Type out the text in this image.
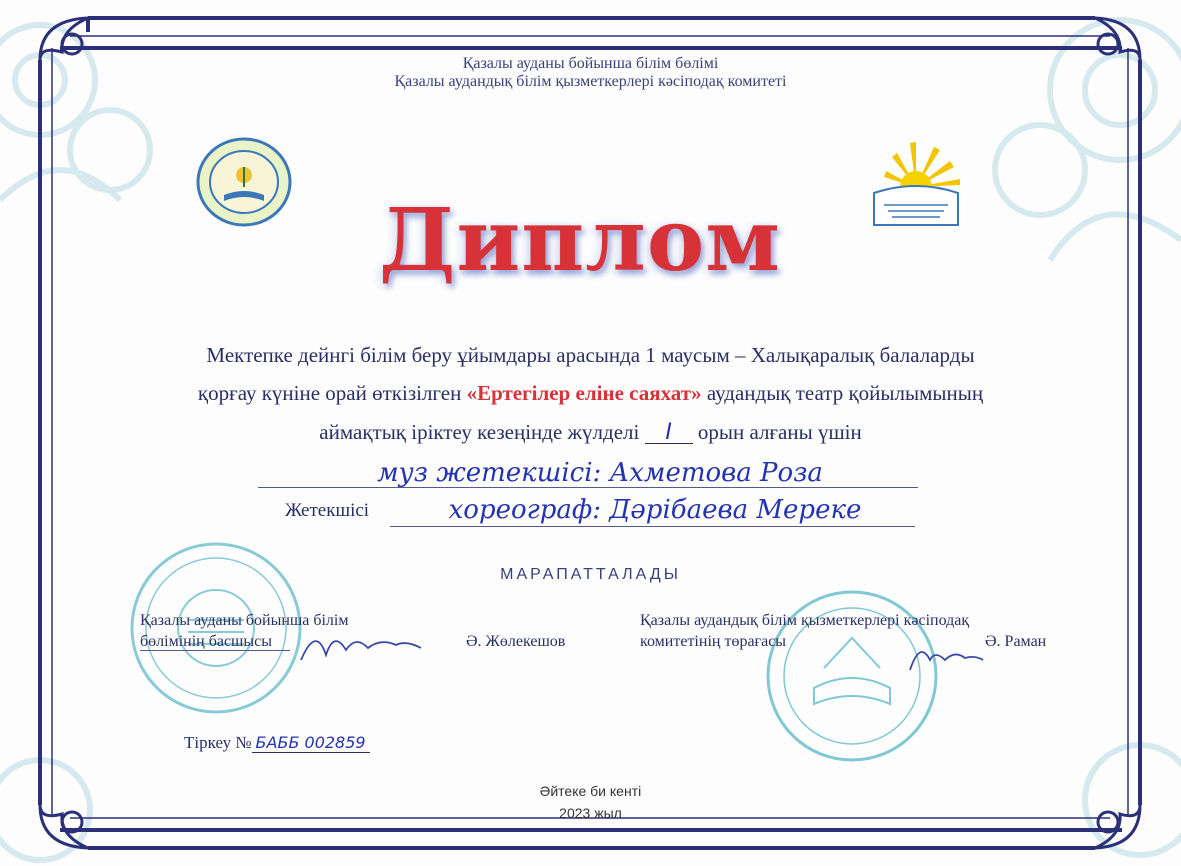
Қазалы ауданы бойынша білім бөлімі
Қазалы аудандық білім қызметкерлері кәсіподақ комитеті
Диплом
Мектепке дейнгі білім беру ұйымдары арасында 1 маусым – Халықаралық балаларды
қорғау күніне орай өткізілген «Ертегілер еліне саяхат» аудандық театр қойылымының
аймақтық іріктеу кезеңінде жүлделі I орын алғаны үшін
муз жетекшісі: Ахметова Роза
Жетекшісі	хореограф: Дәрібаева Мереке
МАРАПАТТАЛАДЫ
Қазалы ауданы бойынша білім
бөлімінің басшысы	Ә. Жөлекешов
Қазалы аудандық білім қызметкерлері кәсіподақ
комитетінің төрағасы	Ә. Раман
Тіркеу № БАББ 002859
Әйтеке би кенті
2023 жыл
